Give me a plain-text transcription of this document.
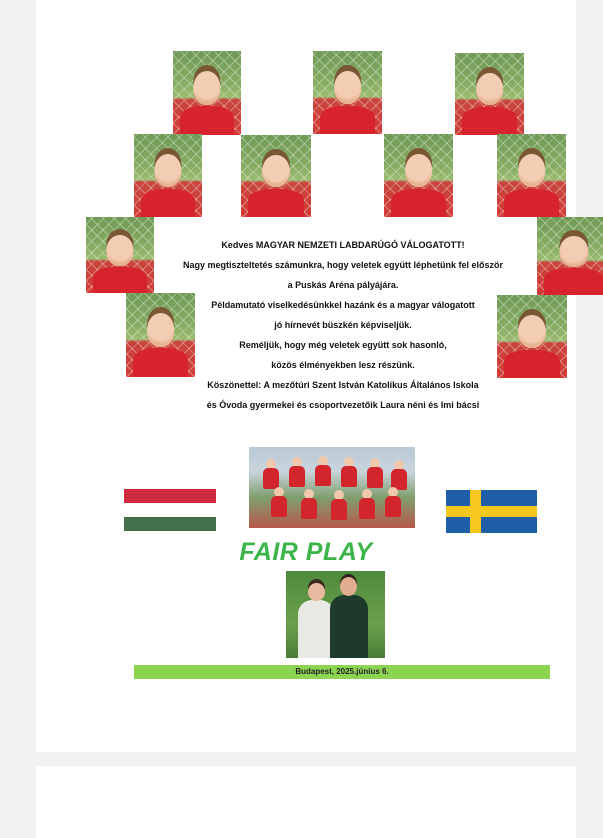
Kedves MAGYAR NEMZETI LABDARÚGÓ VÁLOGATOTT!

Nagy megtiszteltetés számunkra, hogy veletek együtt léphetünk fel először

a Puskás Aréna pályájára.

Példamutató viselkedésünkkel hazánk és a magyar válogatott

jó hírnevét büszkén képviseljük.

Reméljük, hogy még veletek együtt sok hasonló,

közös élményekben lesz részünk.

Köszönettel: A mezőtúri Szent István Katolikus Általános Iskola

és Óvoda gyermekei és csoportvezetőik Laura néni és Imi bácsi

FAIR PLAY
Budapest, 2025.június 6.
